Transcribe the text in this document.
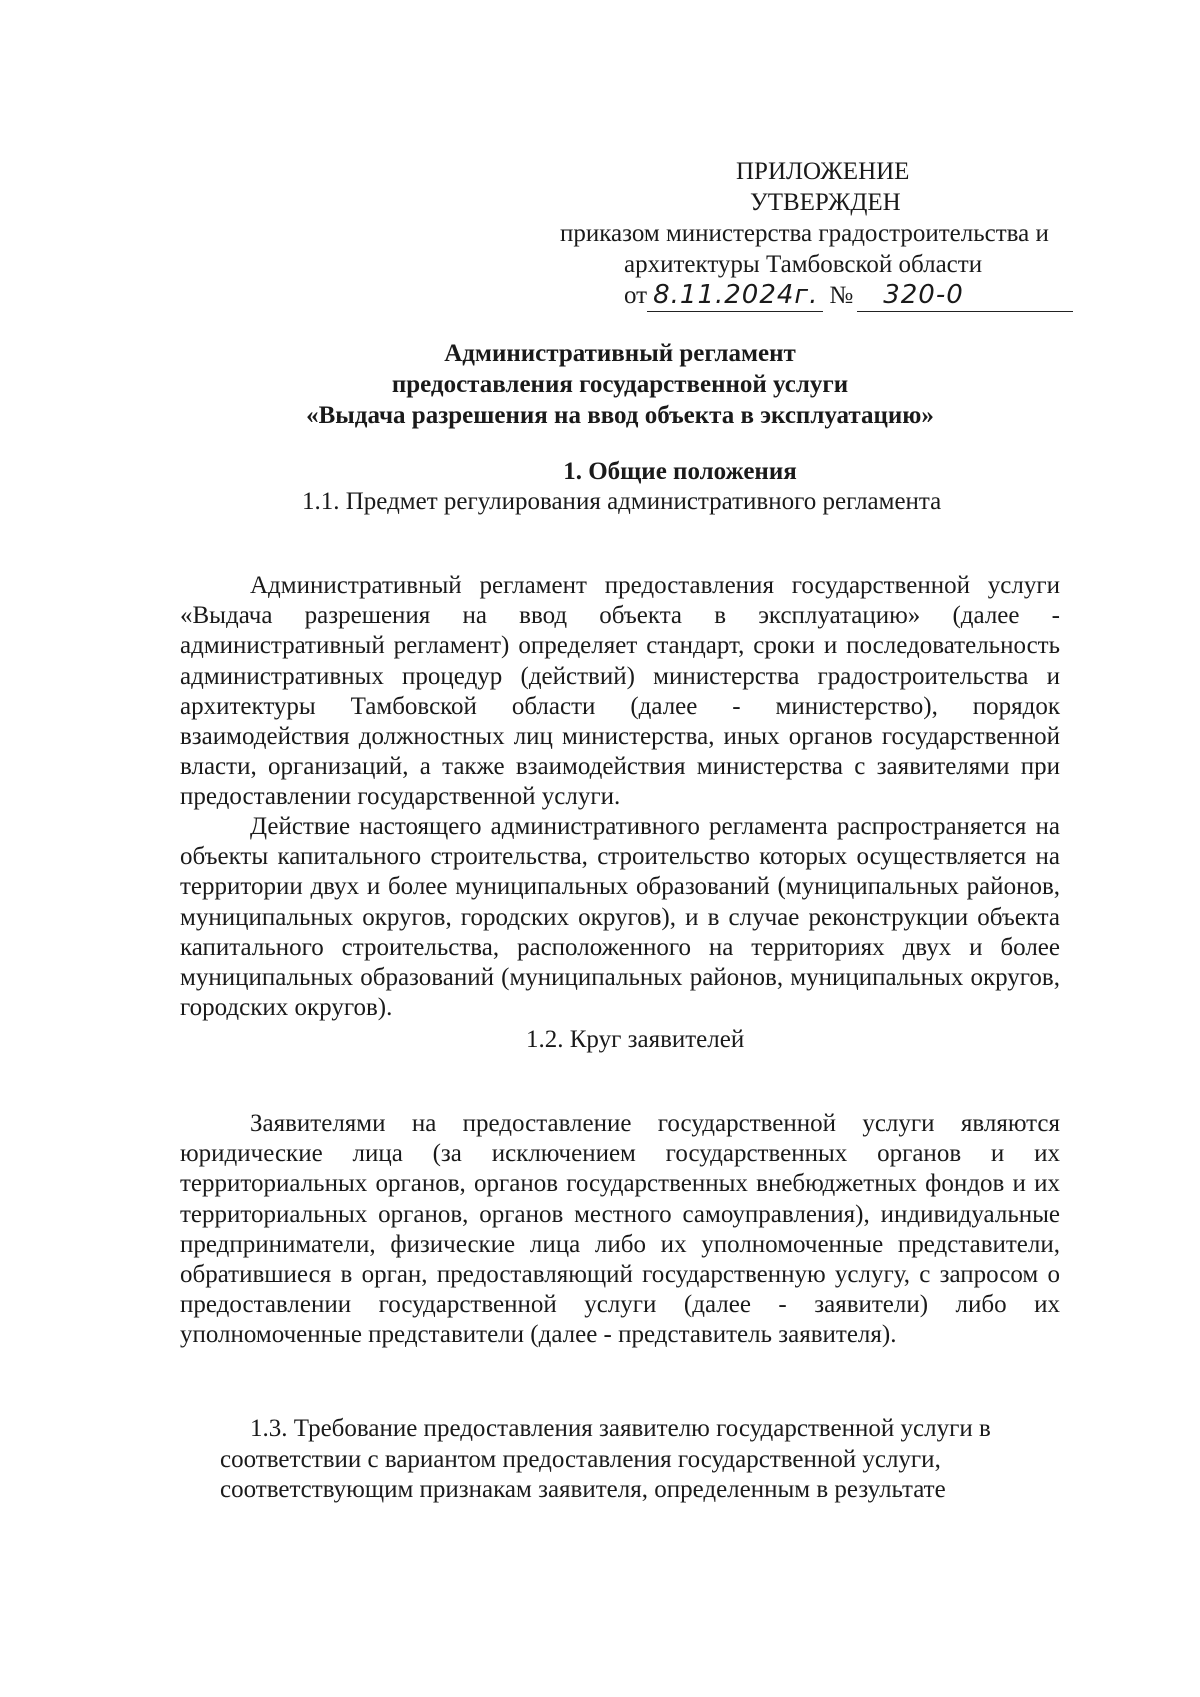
ПРИЛОЖЕНИЕ
УТВЕРЖДЕН
приказом министерства градостроительства и
архитектуры Тамбовской области
от 8.11.2024г. № 320-0
Административный регламент
предоставления государственной услуги
«Выдача разрешения на ввод объекта в эксплуатацию»
1. Общие положения
1.1. Предмет регулирования административного регламента

Административный регламент предоставления государственной услуги «Выдача разрешения на ввод объекта в эксплуатацию» (далее - административный регламент) определяет стандарт, сроки и последовательность административных процедур (действий) министерства градостроительства и архитектуры Тамбовской области (далее - министерство), порядок взаимодействия должностных лиц министерства, иных органов государственной власти, организаций, а также взаимодействия министерства с заявителями при предоставлении государственной услуги.

Действие настоящего административного регламента распространяется на объекты капитального строительства, строительство которых осуществляется на территории двух и более муниципальных образований (муниципальных районов, муниципальных округов, городских округов), и в случае реконструкции объекта капитального строительства, расположенного на территориях двух и более муниципальных образований (муниципальных районов, муниципальных округов, городских округов).

1.2. Круг заявителей

Заявителями на предоставление государственной услуги являются юридические лица (за исключением государственных органов и их территориальных органов, органов государственных внебюджетных фондов и их территориальных органов, органов местного самоуправления), индивидуальные предприниматели, физические лица либо их уполномоченные представители, обратившиеся в орган, предоставляющий государственную услугу, с запросом о предоставлении государственной услуги (далее - заявители) либо их уполномоченные представители (далее - представитель заявителя).

1.3. Требование предоставления заявителю государственной услуги в соответствии с вариантом предоставления государственной услуги, соответствующим признакам заявителя, определенным в результате
